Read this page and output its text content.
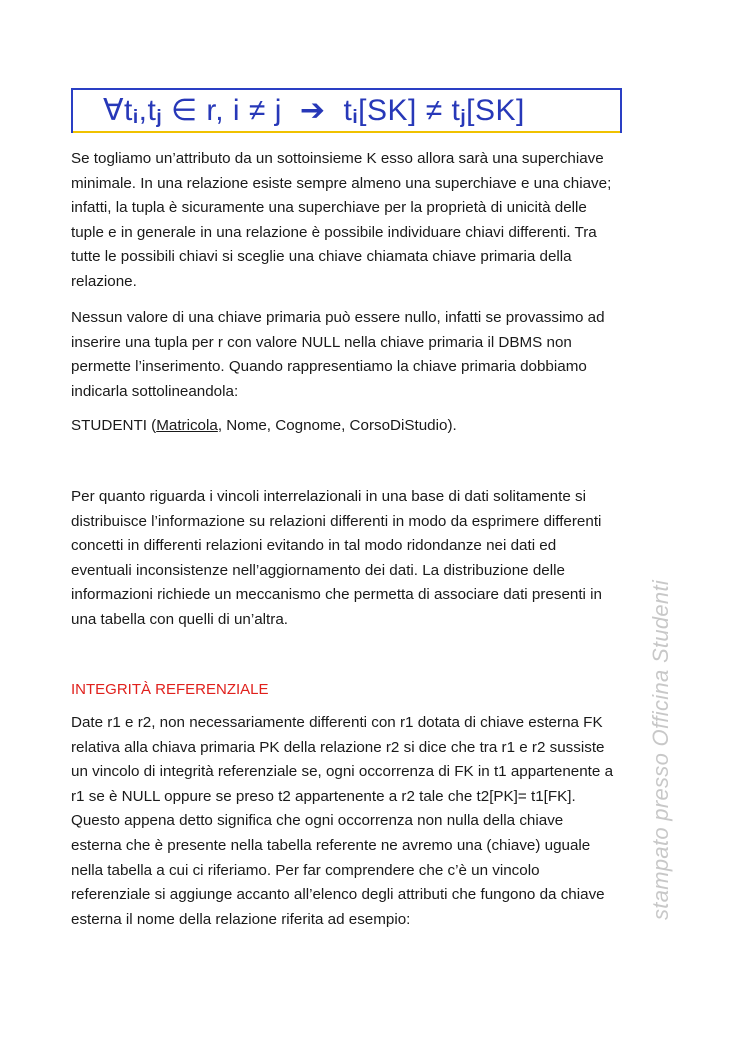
$\forall t_i,t_j$ ∈ r, i ≠ j ➔ $t_i[SK] \ne t_j[SK]$

Se togliamo un’attributo da un sottoinsieme K esso allora sarà una superchiave

minimale. In una relazione esiste sempre almeno una superchiave e una chiave;

infatti, la tupla è sicuramente una superchiave per la proprietà di unicità delle

tuple e in generale in una relazione è possibile individuare chiavi differenti. Tra

tutte le possibili chiavi si sceglie una chiave chiamata chiave primaria della

relazione.

Nessun valore di una chiave primaria può essere nullo, infatti se provassimo ad

inserire una tupla per r con valore NULL nella chiave primaria il DBMS non

permette l’inserimento. Quando rappresentiamo la chiave primaria dobbiamo

indicarla sottolineandola:

STUDENTI (Matricola, Nome, Cognome, CorsoDiStudio).

Per quanto riguarda i vincoli interrelazionali in una base di dati solitamente si

distribuisce l’informazione su relazioni differenti in modo da esprimere differenti

concetti in differenti relazioni evitando in tal modo ridondanze nei dati ed

eventuali inconsistenze nell’aggiornamento dei dati. La distribuzione delle

informazioni richiede un meccanismo che permetta di associare dati presenti in

una tabella con quelli di un’altra.

INTEGRITÀ REFERENZIALE

Date r1 e r2, non necessariamente differenti con r1 dotata di chiave esterna FK

relativa alla chiava primaria PK della relazione r2 si dice che tra r1 e r2 sussiste

un vincolo di integrità referenziale se, ogni occorrenza di FK in t1 appartenente a

r1 se è NULL oppure se preso t2 appartenente a r2 tale che t2[PK]= t1[FK].

Questo appena detto significa che ogni occorrenza non nulla della chiave

esterna che è presente nella tabella referente ne avremo una (chiave) uguale

nella tabella a cui ci riferiamo. Per far comprendere che c’è un vincolo

referenziale si aggiunge accanto all’elenco degli attributi che fungono da chiave

esterna il nome della relazione riferita ad esempio:	stampato presso Officina Studenti
